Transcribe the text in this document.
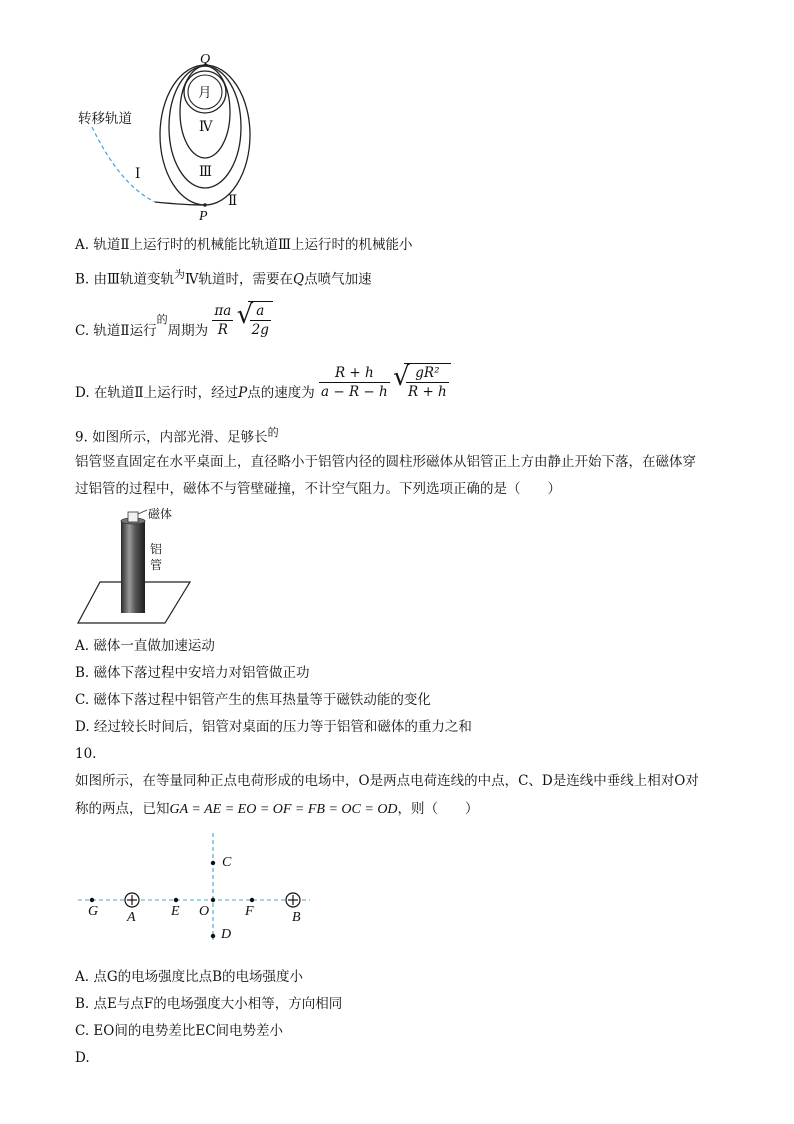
Q
月
Ⅳ
Ⅲ
Ⅱ
I
P
转移轨道
A. 轨道Ⅱ上运行时的机械能比轨道Ⅲ上运行时的机械能小
B. 由Ⅲ轨道变轨$^为$Ⅳ轨道时，需要在Q点喷气加速
C. 轨道Ⅱ运行的周期为 $\frac{\pi a}{R}$
√ $\frac{a}{2g}$
D. 在轨道Ⅱ上运行时，经过P点的速度为 $\frac{R + h}{a - R - h}$
√ $\frac{\text{gR²}}{R + h}$
9. 如图所示，内部光滑、足够长$^的$
铝管竖直固定在水平桌面上，直径略小于铝管内径的圆柱形磁体从铝管正上方由静止开始下落，在磁体穿
过铝管的过程中，磁体不与管壁碰撞，不计空气阻力。下列选项正确的是（　　）
磁体
铝
管
A. 磁体一直做加速运动
B. 磁体下落过程中安培力对铝管做正功
C. 磁体下落过程中铝管产生的焦耳热量等于磁铁动能的变化
D. 经过较长时间后，铝管对桌面的压力等于铝管和磁体的重力之和
10.
如图所示，在等量同种正点电荷形成的电场中，O是两点电荷连线的中点，C、D是连线中垂线上相对O对
称的两点，已知GA = AE = EO = OF = FB = OC = OD，则（　　）
G A	E O	F	B
C
D
A. 点G的电场强度比点B的电场强度小
B. 点E与点F的电场强度大小相等，方向相同
C. EO间的电势差比EC间电势差小
D.
